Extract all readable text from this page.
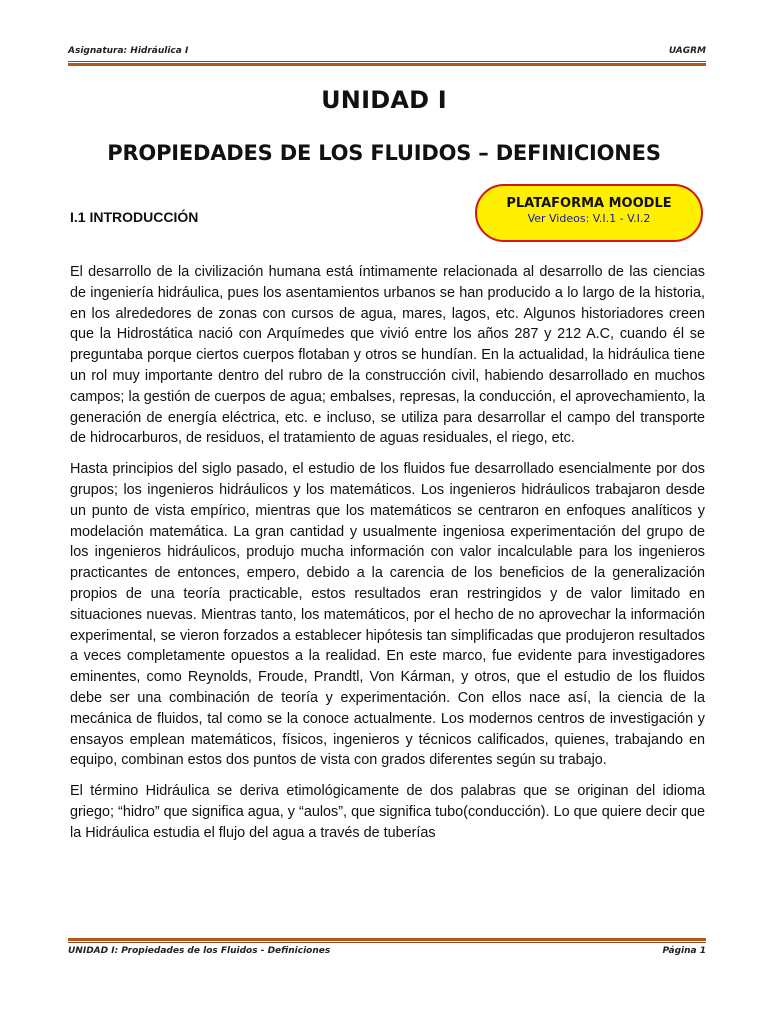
Asignatura: Hidráulica I	UAGRM
UNIDAD I
PROPIEDADES DE LOS FLUIDOS – DEFINICIONES
PLATAFORMA MOODLE
Ver Videos: V.I.1 - V.I.2
I.1 INTRODUCCIÓN

El desarrollo de la civilización humana está íntimamente relacionada al desarrollo de las ciencias de ingeniería hidráulica, pues los asentamientos urbanos se han producido a lo largo de la historia, en los alrededores de zonas con cursos de agua, mares, lagos, etc. Algunos historiadores creen que la Hidrostática nació con Arquímedes que vivió entre los años 287 y 212 A.C, cuando él se preguntaba porque ciertos cuerpos flotaban y otros se hundían. En la actualidad, la hidráulica tiene un rol muy importante dentro del rubro de la construcción civil, habiendo desarrollado en muchos campos; la gestión de cuerpos de agua; embalses, represas, la conducción, el aprovechamiento, la generación de energía eléctrica, etc. e incluso, se utiliza para desarrollar el campo del transporte de hidrocarburos, de residuos, el tratamiento de aguas residuales, el riego, etc.

Hasta principios del siglo pasado, el estudio de los fluidos fue desarrollado esencialmente por dos grupos; los ingenieros hidráulicos y los matemáticos. Los ingenieros hidráulicos trabajaron desde un punto de vista empírico, mientras que los matemáticos se centraron en enfoques analíticos y modelación matemática. La gran cantidad y usualmente ingeniosa experimentación del grupo de los ingenieros hidráulicos, produjo mucha información con valor incalculable para los ingenieros practicantes de entonces, empero, debido a la carencia de los beneficios de la generalización propios de una teoría practicable, estos resultados eran restringidos y de valor limitado en situaciones nuevas. Mientras tanto, los matemáticos, por el hecho de no aprovechar la información experimental, se vieron forzados a establecer hipótesis tan simplificadas que produjeron resultados a veces completamente opuestos a la realidad. En este marco, fue evidente para investigadores eminentes, como Reynolds, Froude, Prandtl, Von Kárman, y otros, que el estudio de los fluidos debe ser una combinación de teoría y experimentación. Con ellos nace así, la ciencia de la mecánica de fluidos, tal como se la conoce actualmente. Los modernos centros de investigación y ensayos emplean matemáticos, físicos, ingenieros y técnicos calificados, quienes, trabajando en equipo, combinan estos dos puntos de vista con grados diferentes según su trabajo.

El término Hidráulica se deriva etimológicamente de dos palabras que se originan del idioma griego; “hidro” que significa agua, y “aulos”, que significa tubo(conducción). Lo que quiere decir que la Hidráulica estudia el flujo del agua a través de tuberías

UNIDAD I: Propiedades de los Fluidos - Definiciones	Página 1
